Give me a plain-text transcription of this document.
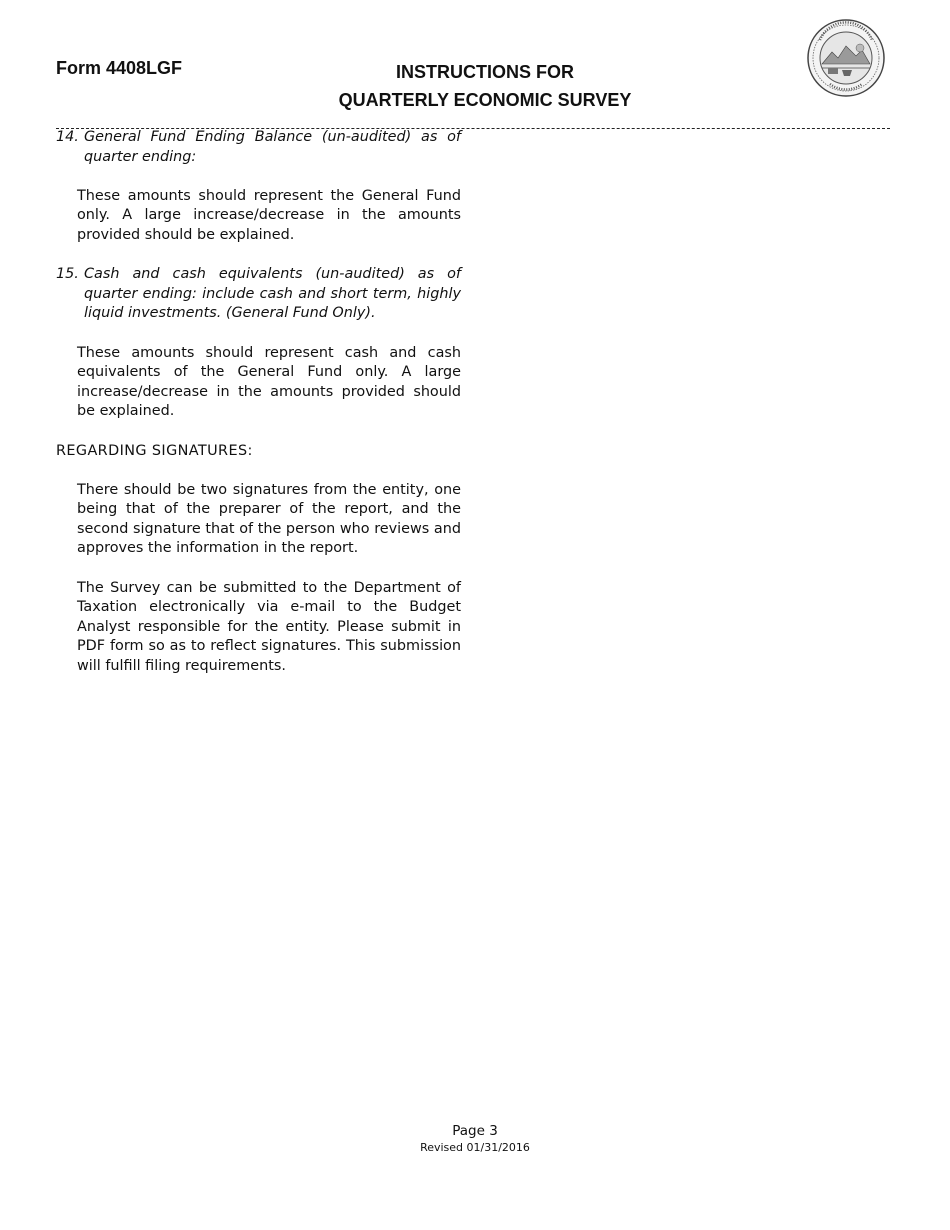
Form 4408LGF	INSTRUCTIONS FOR
QUARTERLY ECONOMIC SURVEY
14. General Fund Ending Balance (un-audited) as of quarter ending:

These amounts should represent the General Fund only. A large increase/decrease in the amounts provided should be explained.

15. Cash and cash equivalents (un-audited) as of quarter ending: include cash and short term, highly liquid investments. (General Fund Only).

These amounts should represent cash and cash equivalents of the General Fund only. A large increase/decrease in the amounts provided should be explained.

REGARDING SIGNATURES:

There should be two signatures from the entity, one being that of the preparer of the report, and the second signature that of the person who reviews and approves the information in the report.

The Survey can be submitted to the Department of Taxation electronically via e-mail to the Budget Analyst responsible for the entity. Please submit in PDF form so as to reflect signatures. This submission will fulfill filing requirements.

Page 3
Revised 01/31/2016
